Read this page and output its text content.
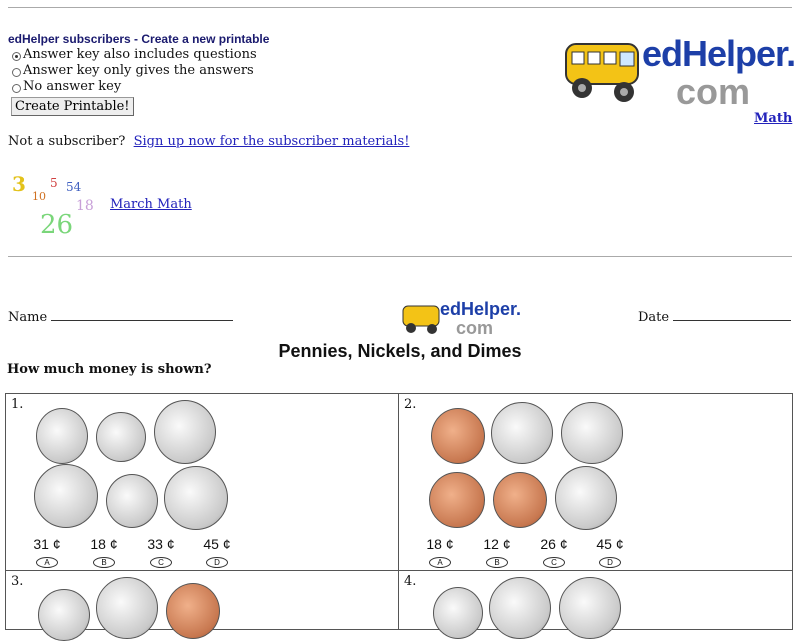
edHelper subscribers - Create a new printable
Answer key also includes questions
Answer key only gives the answers
No answer key
Create Printable!
Not a subscriber? Sign up now for the subscriber materials!
edHelper.
com
Math
3
10
5 54
18
26
March Math
Name	Date
edHelper.
com
Pennies, Nickels, and Dimes
How much money is shown?
1.
31 ¢
A
18 ¢
B
33 ¢
C
45 ¢
D
2.
18 ¢
A
12 ¢
B
26 ¢
C
45 ¢
D
3.	4.
